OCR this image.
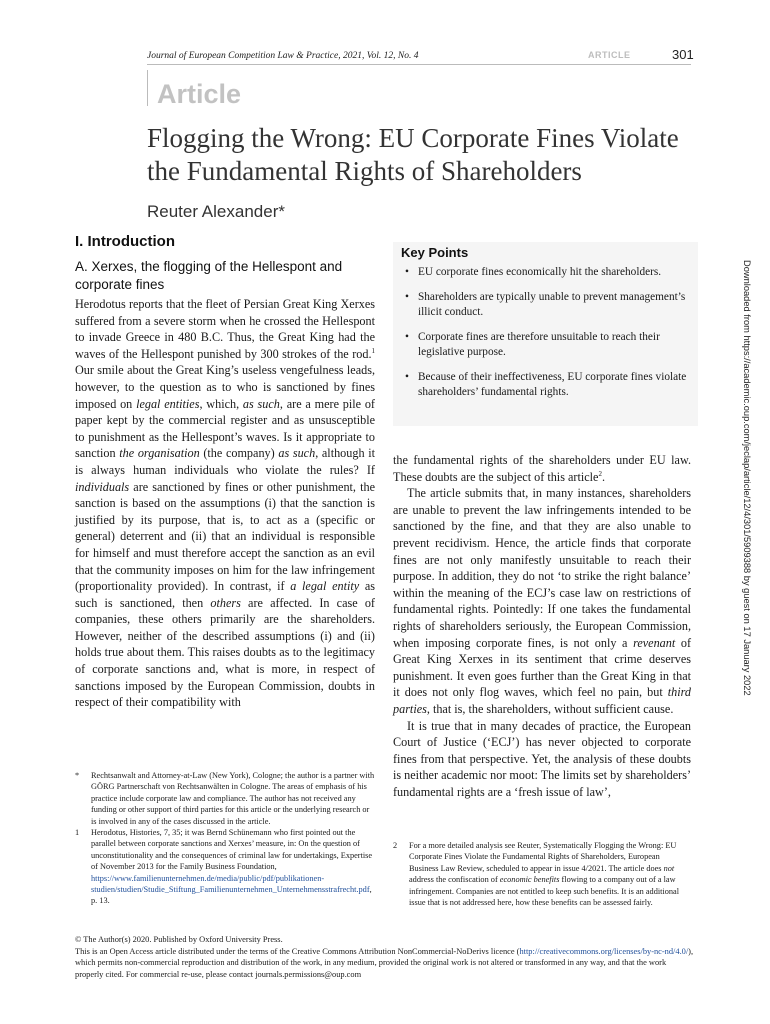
Journal of European Competition Law & Practice, 2021, Vol. 12, No. 4	ARTICLE	301
Article
Flogging the Wrong: EU Corporate Fines Violate the Fundamental Rights of Shareholders
Reuter Alexander*
I. Introduction
A. Xerxes, the flogging of the Hellespont and corporate fines

Herodotus reports that the fleet of Persian Great King Xerxes suffered from a severe storm when he crossed the Hellespont to invade Greece in 480 B.C. Thus, the Great King had the waves of the Hellespont punished by 300 strokes of the rod.$^1$ Our smile about the Great King’s useless vengefulness leads, however, to the question as to who is sanctioned by fines imposed on legal entities, which, as such, are a mere pile of paper kept by the commercial register and as unsusceptible to punishment as the Hellespont’s waves. Is it appropriate to sanction the organisation (the company) as such, although it is always human individuals who violate the rules? If individuals are sanctioned by fines or other punishment, the sanction is based on the assumptions (i) that the sanction is justified by its purpose, that is, to act as a (specific or general) deterrent and (ii) that an individual is responsible for himself and must therefore accept the sanction as an evil that the community imposes on him for the law infringement (proportionality provided). In contrast, if a legal entity as such is sanctioned, then others are affected. In case of companies, these others primarily are the shareholders. However, neither of the described assumptions (i) and (ii) holds true about them. This raises doubts as to the legitimacy of corporate sanctions and, what is more, in respect of sanctions imposed by the European Commission, doubts in respect of their compatibility with

Key Points
• EU corporate fines economically hit the shareholders.
• Shareholders are typically unable to prevent management’s illicit conduct.
• Corporate fines are therefore unsuitable to reach their legislative purpose.
• Because of their ineffectiveness, EU corporate fines violate shareholders’ fundamental rights.
the fundamental rights of the shareholders under EU law. These doubts are the subject of this article$^2$.
The article submits that, in many instances, shareholders are unable to prevent the law infringements intended to be sanctioned by the fine, and that they are also unable to prevent recidivism. Hence, the article finds that corporate fines are not only manifestly unsuitable to reach their purpose. In addition, they do not ‘to strike the right balance’ within the meaning of the ECJ’s case law on restrictions of fundamental rights. Pointedly: If one takes the fundamental rights of shareholders seriously, the European Commission, when imposing corporate fines, is not only a revenant of Great King Xerxes in its sentiment that crime deserves punishment. It even goes further than the Great King in that it does not only flog waves, which feel no pain, but third parties, that is, the shareholders, without sufficient cause.
It is true that in many decades of practice, the European Court of Justice (‘ECJ’) has never objected to corporate fines from that perspective. Yet, the analysis of these doubts is neither academic nor moot: The limits set by shareholders’ fundamental rights are a ‘fresh issue of law’,
* Rechtsanwalt and Attorney-at-Law (New York), Cologne; the author is a partner with GÖRG Partnerschaft von Rechtsanwälten in Cologne. The areas of emphasis of his practice include corporate law and compliance. The author has not received any funding or other support of third parties for this article or the underlying research or is involved in any of the cases discussed in the article.
1 Herodotus, Histories, 7, 35; it was Bernd Schünemann who first pointed out the parallel between corporate sanctions and Xerxes’ measure, in: On the question of unconstitutionality and the consequences of criminal law for undertakings, Expertise of November 2013 for the Family Business Foundation, https://www.familienunternehmen.de/media/public/pdf/publikationen-studien/studien/Studie_Stiftung_Familienunternehmen_Unternehmensstrafrecht.pdf, p. 13.
2 For a more detailed analysis see Reuter, Systematically Flogging the Wrong: EU Corporate Fines Violate the Fundamental Rights of Shareholders, European Business Law Review, scheduled to appear in issue 4/2021. The article does not address the confiscation of economic benefits flowing to a company out of a law infringement. Companies are not entitled to keep such benefits. It is an additional issue that is not addressed here, how these benefits can be assessed fairly.
© The Author(s) 2020. Published by Oxford University Press.
This is an Open Access article distributed under the terms of the Creative Commons Attribution NonCommercial-NoDerivs licence (http://creativecommons.org/licenses/by-nc-nd/4.0/), which permits non-commercial reproduction and distribution of the work, in any medium, provided the original work is not altered or transformed in any way, and that the work properly cited. For commercial re-use, please contact journals.permissions@oup.com
Downloaded from https://academic.oup.com/jeclap/article/12/4/301/5909388 by guest on 17 January 2022
